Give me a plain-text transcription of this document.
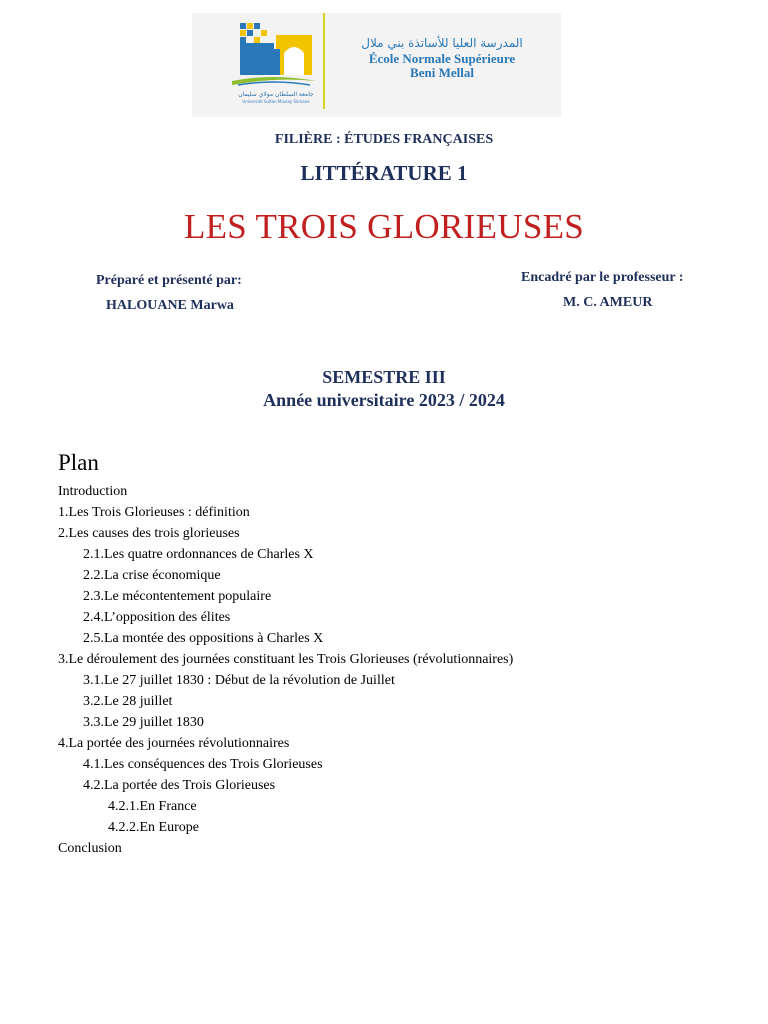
جامعة السلطان مولاي سليمان
Université Sultan Moulay Slimane
المدرسة العليا للأساتذة بني ملال
École Normale Supérieure
Beni Mellal
FILIÈRE : ÉTUDES FRANÇAISES
LITTÉRATURE 1
LES TROIS GLORIEUSES
Préparé et présenté par:
HALOUANE Marwa
Encadré par le professeur :
M. C. AMEUR
SEMESTRE III
Année universitaire 2023 / 2024
Plan
Introduction
1.Les Trois Glorieuses : définition
2.Les causes des trois glorieuses
2.1.Les quatre ordonnances de Charles X
2.2.La crise économique
2.3.Le mécontentement populaire
2.4.L’opposition des élites
2.5.La montée des oppositions à Charles X
3.Le déroulement des journées constituant les Trois Glorieuses (révolutionnaires)
3.1.Le 27 juillet 1830 : Début de la révolution de Juillet
3.2.Le 28 juillet
3.3.Le 29 juillet 1830
4.La portée des journées révolutionnaires
4.1.Les conséquences des Trois Glorieuses
4.2.La portée des Trois Glorieuses
4.2.1.En France
4.2.2.En Europe
Conclusion
